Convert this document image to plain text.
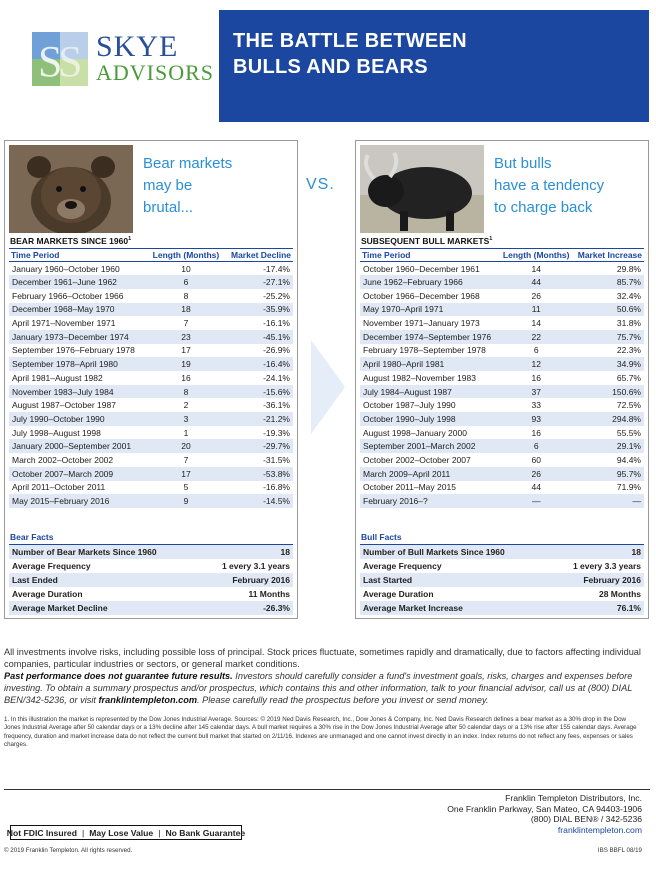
S
S SKYE
ADVISORS
THE BATTLE BETWEEN
BULLS AND BEARS
Bear markets
may be
brutal...
BEAR MARKETS SINCE 1960$^1$
Time Period	Length (Months)	Market Decline
January 1960–October 1960	10	-17.4%
December 1961–June 1962	6	-27.1%
February 1966–October 1966	8	-25.2%
December 1968–May 1970	18	-35.9%
April 1971–November 1971	7	-16.1%
January 1973–December 1974	23	-45.1%
September 1976–February 1978	17	-26.9%
September 1978–April 1980	19	-16.4%
April 1981–August 1982	16	-24.1%
November 1983–July 1984	8	-15.6%
August 1987–October 1987	2	-36.1%
July 1990–October 1990	3	-21.2%
July 1998–August 1998	1	-19.3%
January 2000–September 2001	20	-29.7%
March 2002–October 2002	7	-31.5%
October 2007–March 2009	17	-53.8%
April 2011–October 2011	5	-16.8%
May 2015–February 2016	9	-14.5%
Bear Facts
Number of Bear Markets Since 1960	18
Average Frequency	1 every 3.1 years
Last Ended	February 2016
Average Duration	11 Months
Average Market Decline	-26.3%
VS.
But bulls
have a tendency
to charge back
SUBSEQUENT BULL MARKETS$^1$
Time Period	Length (Months)	Market Increase
October 1960–December 1961	14	29.8%
June 1962–February 1966	44	85.7%
October 1966–December 1968	26	32.4%
May 1970–April 1971	11	50.6%
November 1971–January 1973	14	31.8%
December 1974–September 1976	22	75.7%
February 1978–September 1978	6	22.3%
April 1980–April 1981	12	34.9%
August 1982–November 1983	16	65.7%
July 1984–August 1987	37	150.6%
October 1987–July 1990	33	72.5%
October 1990–July 1998	93	294.8%
August 1998–January 2000	16	55.5%
September 2001–March 2002	6	29.1%
October 2002–October 2007	60	94.4%
March 2009–April 2011	26	95.7%
October 2011–May 2015	44	71.9%
February 2016–?	—	—
Bull Facts
Number of Bull Markets Since 1960	18
Average Frequency	1 every 3.3 years
Last Started	February 2016
Average Duration	28 Months
Average Market Increase	76.1%
All investments involve risks, including possible loss of principal. Stock prices fluctuate, sometimes rapidly and dramatically, due to factors affecting individual companies, particular industries or sectors, or general market conditions.
Past performance does not guarantee future results. Investors should carefully consider a fund's investment goals, risks, charges and expenses before investing. To obtain a summary prospectus and/or prospectus, which contains this and other information, talk to your financial advisor, call us at (800) DIAL BEN/342-5236, or visit franklintempleton.com. Please carefully read the prospectus before you invest or send money.
1. In this illustration the market is represented by the Dow Jones Industrial Average. Sources: © 2019 Ned Davis Research, Inc., Dow Jones & Company, Inc. Ned Davis Research defines a bear market as a 30% drop in the Dow Jones Industrial Average after 50 calendar days or a 13% decline after 145 calendar days. A bull market requires a 30% rise in the Dow Jones Industrial Average after 50 calendar days or a 13% rise after 155 calendar days. Average frequency, duration and market increase data do not reflect the current bull market that started on 2/11/16. Indexes are unmanaged and one cannot invest directly in an index. Index returns do not reflect any fees, expenses or sales charges.
Franklin Templeton Distributors, Inc.
One Franklin Parkway, San Mateo, CA 94403-1906
(800) DIAL BEN® / 342-5236
franklintempleton.com
Not FDIC Insured | May Lose Value | No Bank Guarantee
© 2019 Franklin Templeton. All rights reserved.	IBS BBFL 08/19
